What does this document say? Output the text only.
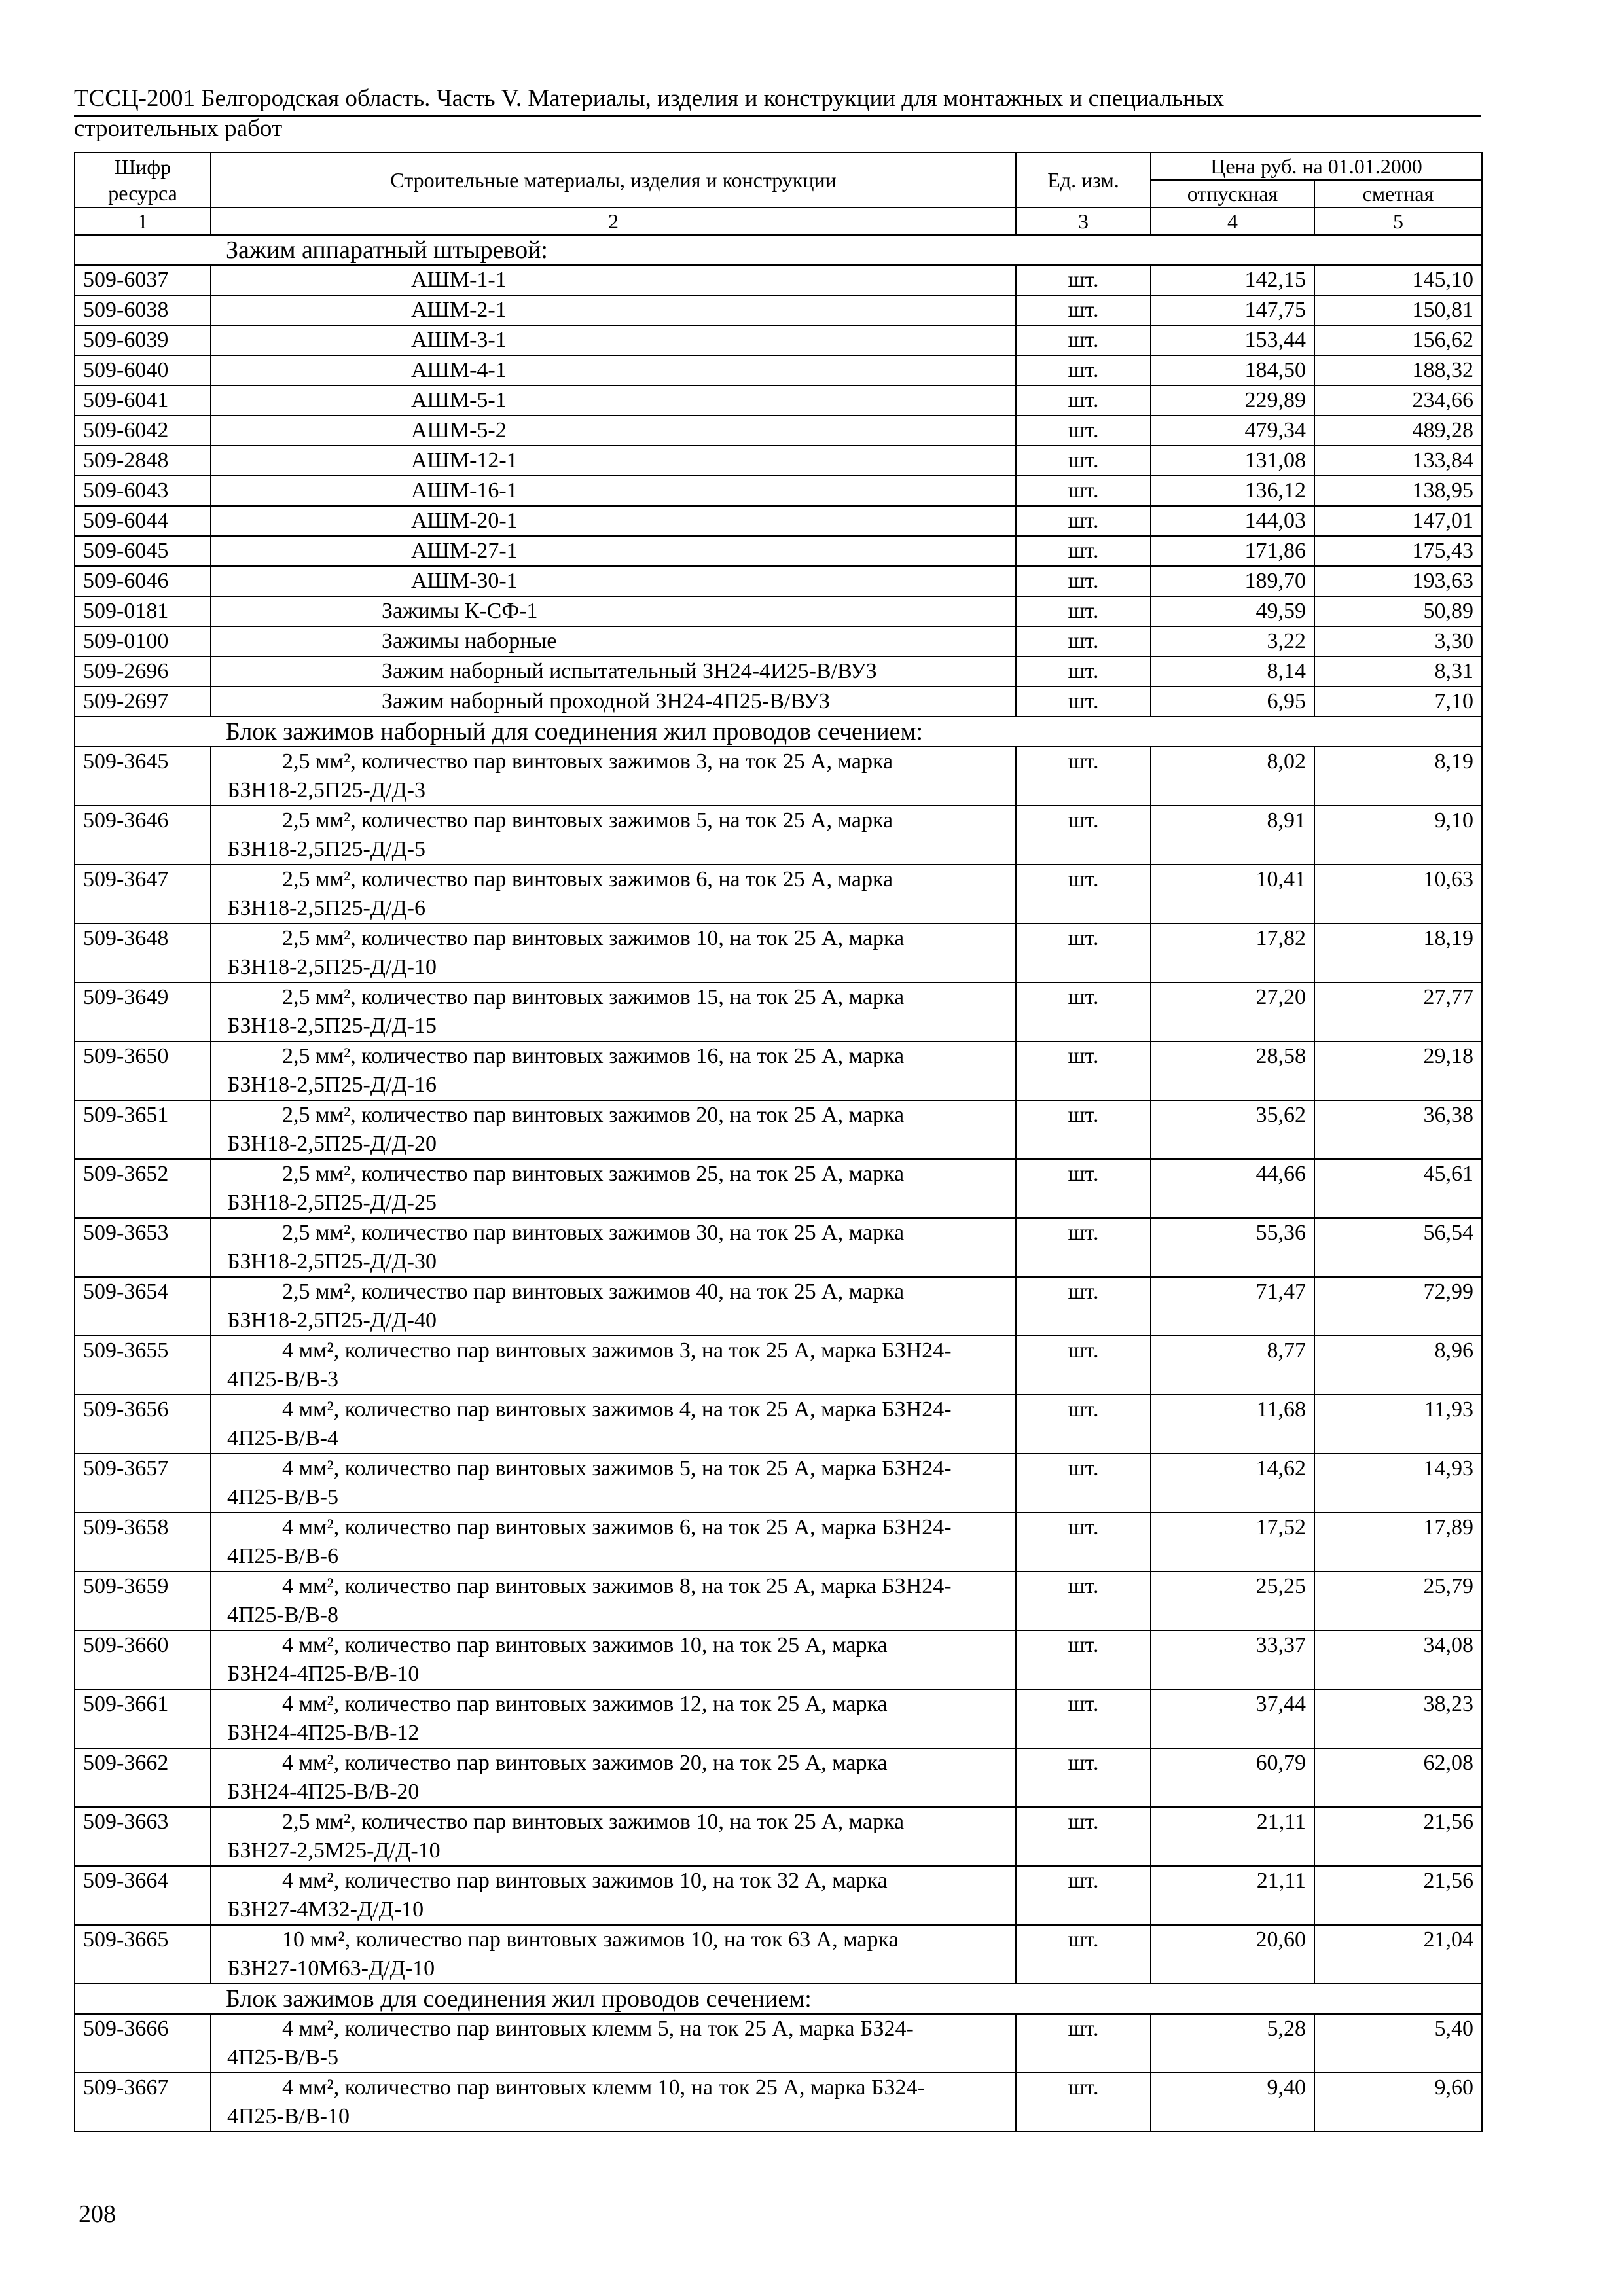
ТССЦ-2001 Белгородская область. Часть V. Материалы, изделия и конструкции для монтажных и специальных
строительных работ
Шифр ресурса	Строительные материалы, изделия и конструкции	Ед. изм.	Цена руб. на 01.01.2000	
			отпускная	сметная
1	2	3	4	5
Зажим аппаратный штыревой:				
509-6037	АШМ-1-1	шт.	142,15	145,10
509-6038	АШМ-2-1	шт.	147,75	150,81
509-6039	АШМ-3-1	шт.	153,44	156,62
509-6040	АШМ-4-1	шт.	184,50	188,32
509-6041	АШМ-5-1	шт.	229,89	234,66
509-6042	АШМ-5-2	шт.	479,34	489,28
509-2848	АШМ-12-1	шт.	131,08	133,84
509-6043	АШМ-16-1	шт.	136,12	138,95
509-6044	АШМ-20-1	шт.	144,03	147,01
509-6045	АШМ-27-1	шт.	171,86	175,43
509-6046	АШМ-30-1	шт.	189,70	193,63
509-0181	Зажимы К-СФ-1	шт.	49,59	50,89
509-0100	Зажимы наборные	шт.	3,22	3,30
509-2696	Зажим наборный испытательный ЗН24-4И25-В/ВУЗ	шт.	8,14	8,31
509-2697	Зажим наборный проходной ЗН24-4П25-В/ВУЗ	шт.	6,95	7,10
Блок зажимов наборный для соединения жил проводов сечением:				
509-3645	2,5 мм², количество пар винтовых зажимов 3, на ток 25 А, марка
БЗН18-2,5П25-Д/Д-3	шт.	8,02	8,19
509-3646	2,5 мм², количество пар винтовых зажимов 5, на ток 25 А, марка
БЗН18-2,5П25-Д/Д-5	шт.	8,91	9,10
509-3647	2,5 мм², количество пар винтовых зажимов 6, на ток 25 А, марка
БЗН18-2,5П25-Д/Д-6	шт.	10,41	10,63
509-3648	2,5 мм², количество пар винтовых зажимов 10, на ток 25 А, марка
БЗН18-2,5П25-Д/Д-10	шт.	17,82	18,19
509-3649	2,5 мм², количество пар винтовых зажимов 15, на ток 25 А, марка
БЗН18-2,5П25-Д/Д-15	шт.	27,20	27,77
509-3650	2,5 мм², количество пар винтовых зажимов 16, на ток 25 А, марка
БЗН18-2,5П25-Д/Д-16	шт.	28,58	29,18
509-3651	2,5 мм², количество пар винтовых зажимов 20, на ток 25 А, марка
БЗН18-2,5П25-Д/Д-20	шт.	35,62	36,38
509-3652	2,5 мм², количество пар винтовых зажимов 25, на ток 25 А, марка
БЗН18-2,5П25-Д/Д-25	шт.	44,66	45,61
509-3653	2,5 мм², количество пар винтовых зажимов 30, на ток 25 А, марка
БЗН18-2,5П25-Д/Д-30	шт.	55,36	56,54
509-3654	2,5 мм², количество пар винтовых зажимов 40, на ток 25 А, марка
БЗН18-2,5П25-Д/Д-40	шт.	71,47	72,99
509-3655	4 мм², количество пар винтовых зажимов 3, на ток 25 А, марка БЗН24-
4П25-В/В-3	шт.	8,77	8,96
509-3656	4 мм², количество пар винтовых зажимов 4, на ток 25 А, марка БЗН24-
4П25-В/В-4	шт.	11,68	11,93
509-3657	4 мм², количество пар винтовых зажимов 5, на ток 25 А, марка БЗН24-
4П25-В/В-5	шт.	14,62	14,93
509-3658	4 мм², количество пар винтовых зажимов 6, на ток 25 А, марка БЗН24-
4П25-В/В-6	шт.	17,52	17,89
509-3659	4 мм², количество пар винтовых зажимов 8, на ток 25 А, марка БЗН24-
4П25-В/В-8	шт.	25,25	25,79
509-3660	4 мм², количество пар винтовых зажимов 10, на ток 25 А, марка
БЗН24-4П25-В/В-10	шт.	33,37	34,08
509-3661	4 мм², количество пар винтовых зажимов 12, на ток 25 А, марка
БЗН24-4П25-В/В-12	шт.	37,44	38,23
509-3662	4 мм², количество пар винтовых зажимов 20, на ток 25 А, марка
БЗН24-4П25-В/В-20	шт.	60,79	62,08
509-3663	2,5 мм², количество пар винтовых зажимов 10, на ток 25 А, марка
БЗН27-2,5М25-Д/Д-10	шт.	21,11	21,56
509-3664	4 мм², количество пар винтовых зажимов 10, на ток 32 А, марка
БЗН27-4М32-Д/Д-10	шт.	21,11	21,56
509-3665	10 мм², количество пар винтовых зажимов 10, на ток 63 А, марка
БЗН27-10М63-Д/Д-10	шт.	20,60	21,04
Блок зажимов для соединения жил проводов сечением:				
509-3666	4 мм², количество пар винтовых клемм 5, на ток 25 А, марка БЗ24-
4П25-В/В-5	шт.	5,28	5,40
509-3667	4 мм², количество пар винтовых клемм 10, на ток 25 А, марка БЗ24-
4П25-В/В-10	шт.	9,40	9,60
208
